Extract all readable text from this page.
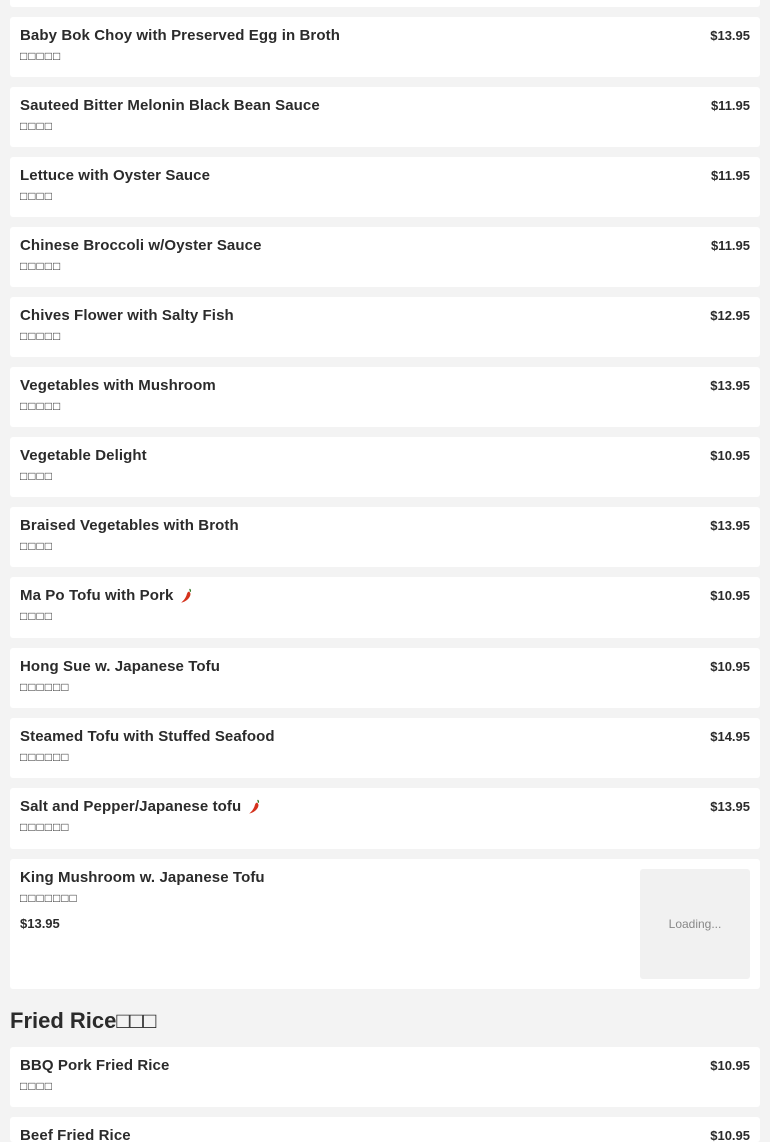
Baby Bok Choy with Preserved Egg in Broth
□□□□□
$13.95
Sauteed Bitter Melonin Black Bean Sauce
□□□□
$11.95
Lettuce with Oyster Sauce
□□□□
$11.95
Chinese Broccoli w/Oyster Sauce
□□□□□
$11.95
Chives Flower with Salty Fish
□□□□□
$12.95
Vegetables with Mushroom
□□□□□
$13.95
Vegetable Delight
□□□□
$10.95
Braised Vegetables with Broth
□□□□
$13.95
Ma Po Tofu with Pork
□□□□
$10.95
Hong Sue w. Japanese Tofu
□□□□□□
$10.95
Steamed Tofu with Stuffed Seafood
□□□□□□
$14.95
Salt and Pepper/Japanese tofu
□□□□□□
$13.95
King Mushroom w. Japanese Tofu
□□□□□□□
$13.95	Loading...
Fried Rice□□□
BBQ Pork Fried Rice
□□□□
$10.95
Beef Fried Rice	$10.95
